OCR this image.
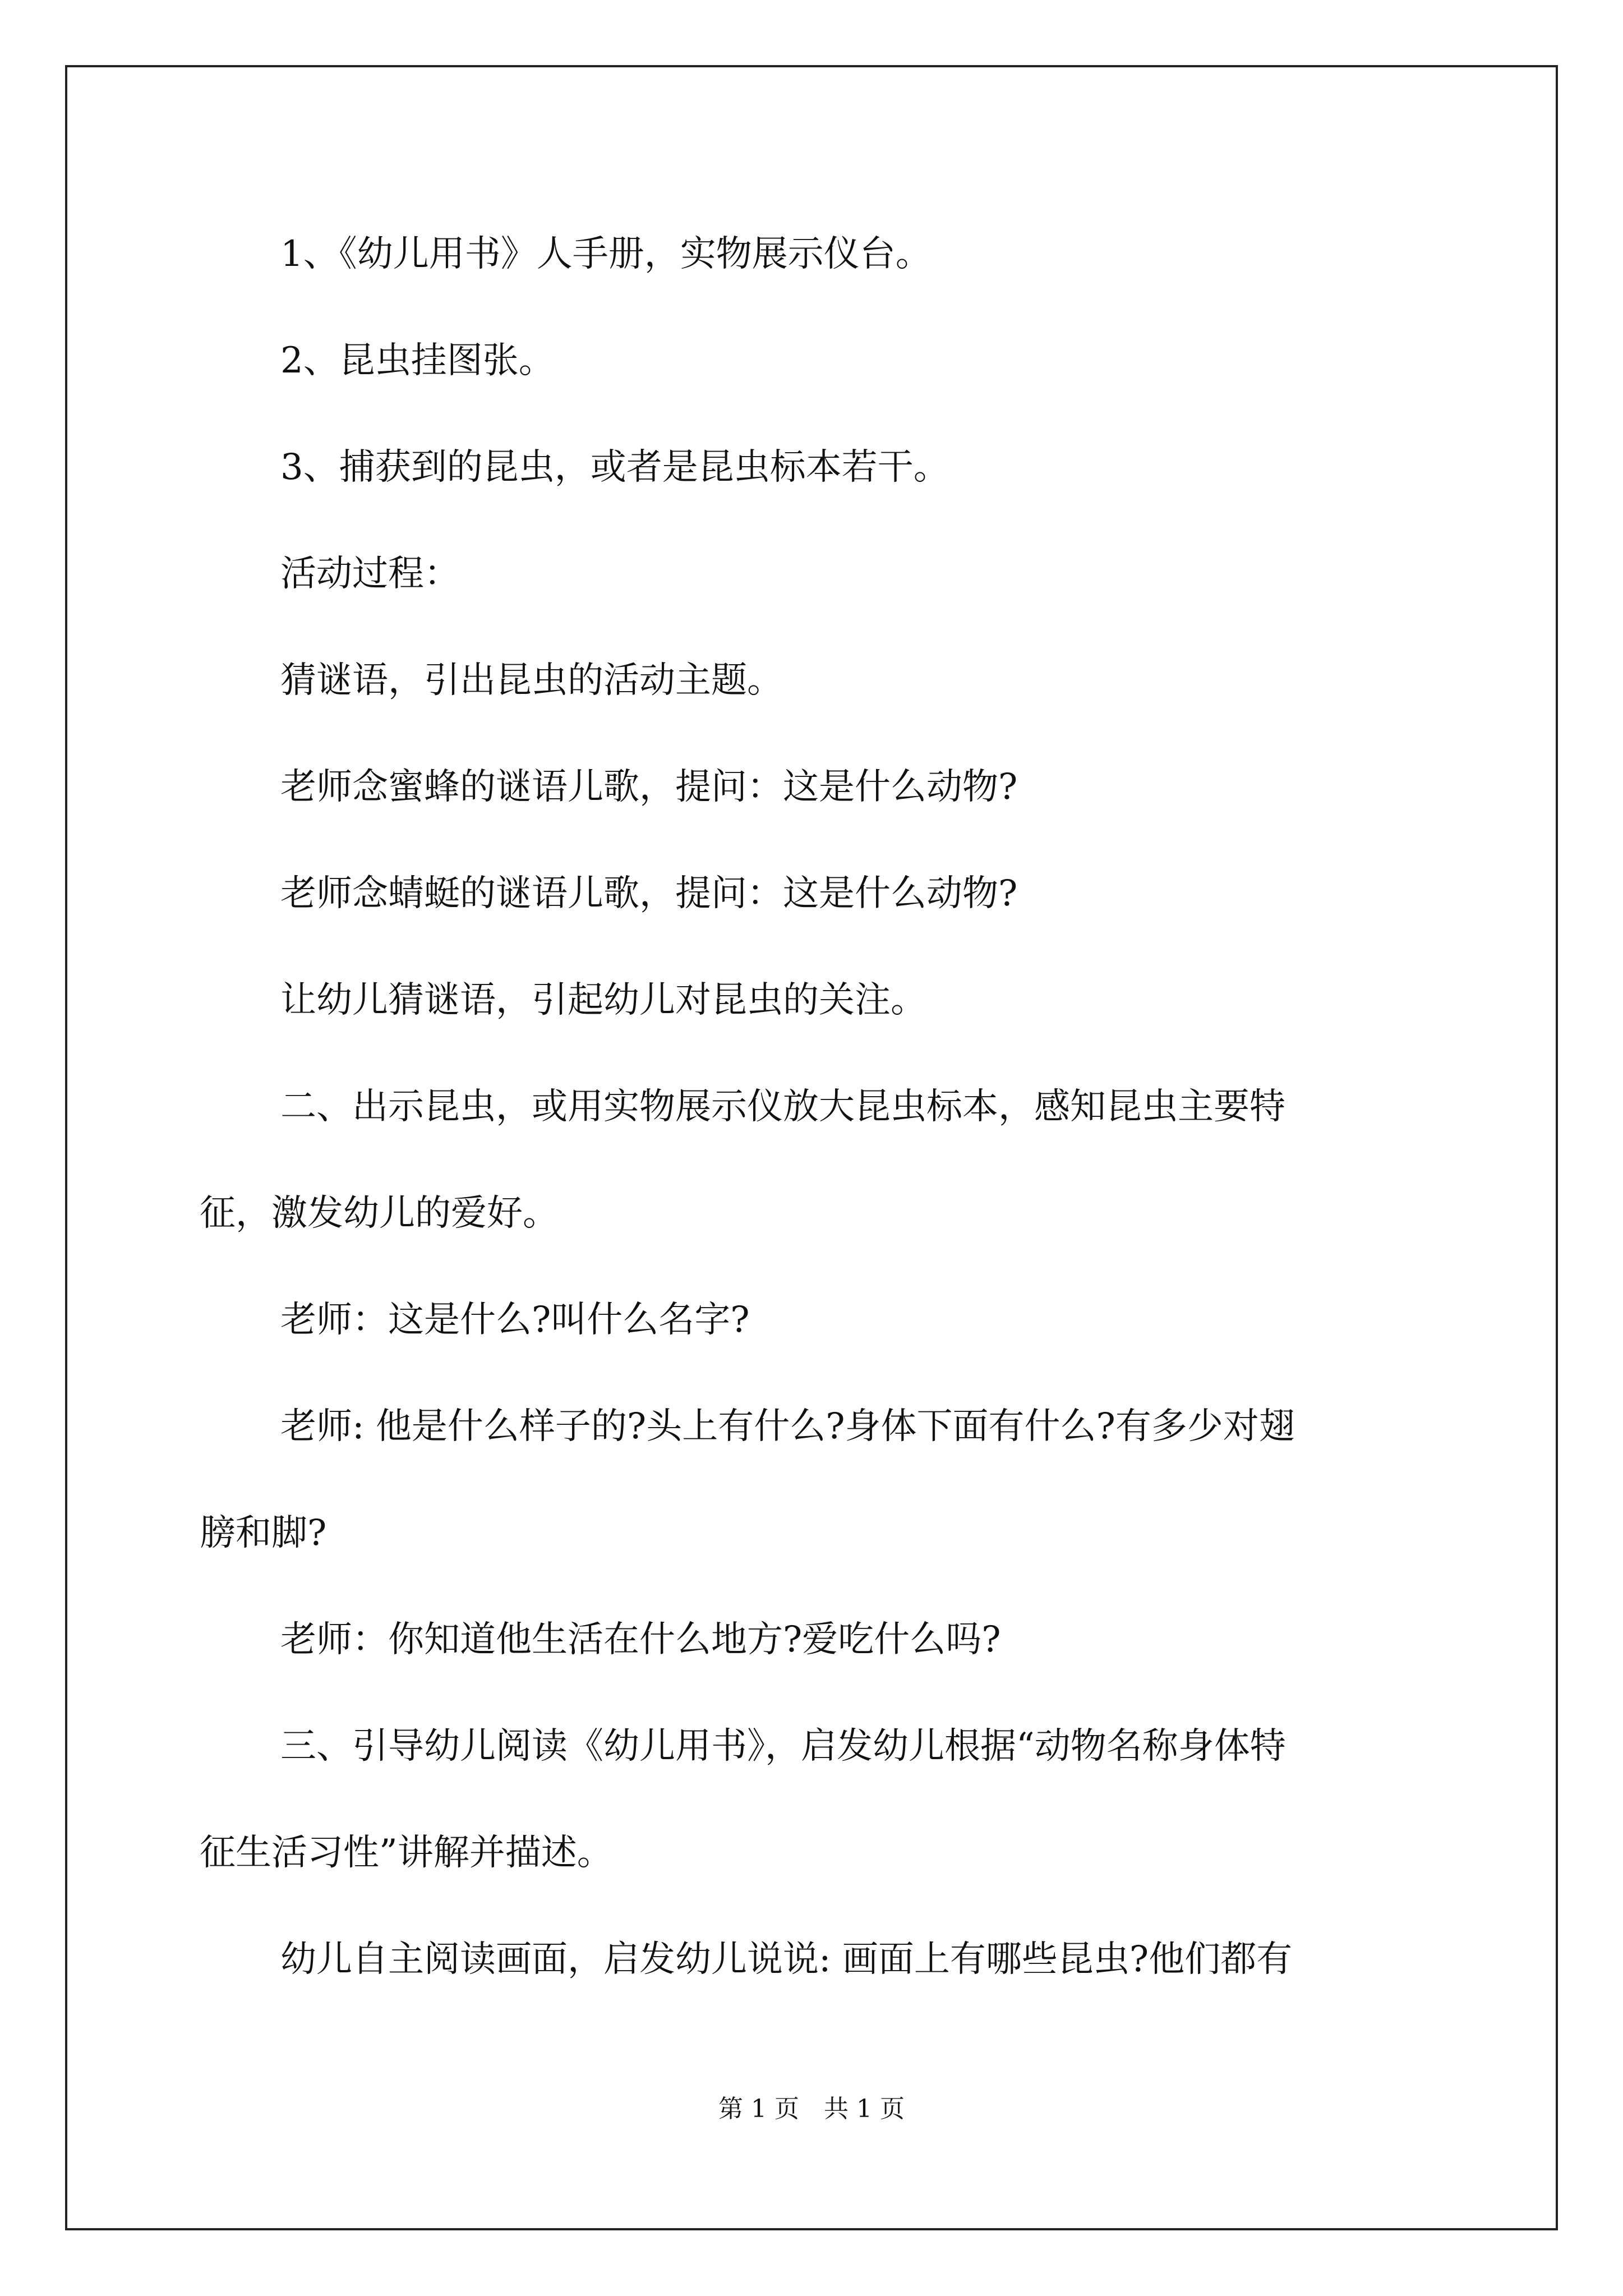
1、《幼儿用书》人手册，实物展示仪台。
2、昆虫挂图张。
3、捕获到的昆虫，或者是昆虫标本若干。
活动过程：
猜谜语，引出昆虫的活动主题。
老师念蜜蜂的谜语儿歌，提问：这是什么动物?
老师念蜻蜓的谜语儿歌，提问：这是什么动物?
让幼儿猜谜语，引起幼儿对昆虫的关注。
二、出示昆虫，或用实物展示仪放大昆虫标本，感知昆虫主要特
征，激发幼儿的爱好。
老师：这是什么?叫什么名字?
老师: 他是什么样子的?头上有什么?身体下面有什么?有多少对翅
膀和脚?
老师：你知道他生活在什么地方?爱吃什么吗?
三、引导幼儿阅读《幼儿用书》，启发幼儿根据“动物名称身体特
征生活习性”讲解并描述。
幼儿自主阅读画面，启发幼儿说说: 画面上有哪些昆虫?他们都有
第 1 页　共 1 页
